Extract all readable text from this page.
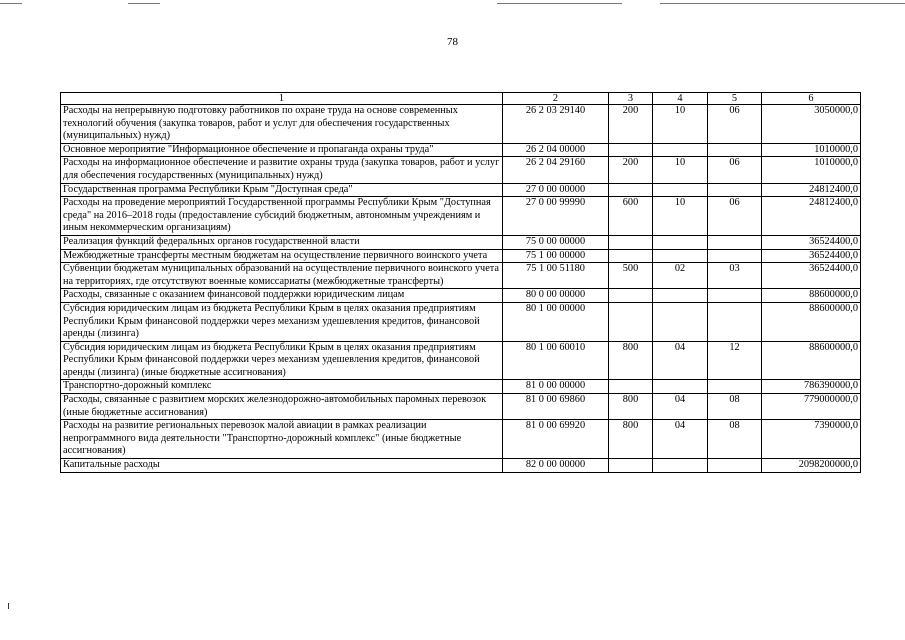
78
1	2	3	4	5	6
Расходы на непрерывную подготовку работников по охране труда на основе современных технологий обучения (закупка товаров, работ и услуг для обеспечения государственных (муниципальных) нужд)	26 2 03 29140	200	10	06	3050000,0
Основное мероприятие "Информационное обеспечение и пропаганда охраны труда"	26 2 04 00000				1010000,0
Расходы на информационное обеспечение и развитие охраны труда (закупка товаров, работ и услуг для обеспечения государственных (муниципальных) нужд)	26 2 04 29160	200	10	06	1010000,0
Государственная программа Республики Крым "Доступная среда"	27 0 00 00000				24812400,0
Расходы на проведение мероприятий Государственной программы Республики Крым "Доступная среда" на 2016–2018 годы (предоставление субсидий бюджетным, автономным учреждениям и иным некоммерческим организациям)	27 0 00 99990	600	10	06	24812400,0
Реализация функций федеральных органов государственной власти	75 0 00 00000				36524400,0
Межбюджетные трансферты местным бюджетам на осуществление первичного воинского учета	75 1 00 00000				36524400,0
Субвенции бюджетам муниципальных образований на осуществление первичного воинского учета на территориях, где отсутствуют военные комиссариаты (межбюджетные трансферты)	75 1 00 51180	500	02	03	36524400,0
Расходы, связанные с оказанием финансовой поддержки юридическим лицам	80 0 00 00000				88600000,0
Субсидия юридическим лицам из бюджета Республики Крым в целях оказания предприятиям Республики Крым финансовой поддержки через механизм удешевления кредитов, финансовой аренды (лизинга)	80 1 00 00000				88600000,0
Субсидия юридическим лицам из бюджета Республики Крым в целях оказания предприятиям Республики Крым финансовой поддержки через механизм удешевления кредитов, финансовой аренды (лизинга) (иные бюджетные ассигнования)	80 1 00 60010	800	04	12	88600000,0
Транспортно-дорожный комплекс	81 0 00 00000				786390000,0
Расходы, связанные с развитием морских железнодорожно-автомобильных паромных перевозок (иные бюджетные ассигнования)	81 0 00 69860	800	04	08	779000000,0
Расходы на развитие региональных перевозок малой авиации в рамках реализации непрограммного вида деятельности "Транспортно-дорожный комплекс" (иные бюджетные ассигнования)	81 0 00 69920	800	04	08	7390000,0
Капитальные расходы	82 0 00 00000				2098200000,0
